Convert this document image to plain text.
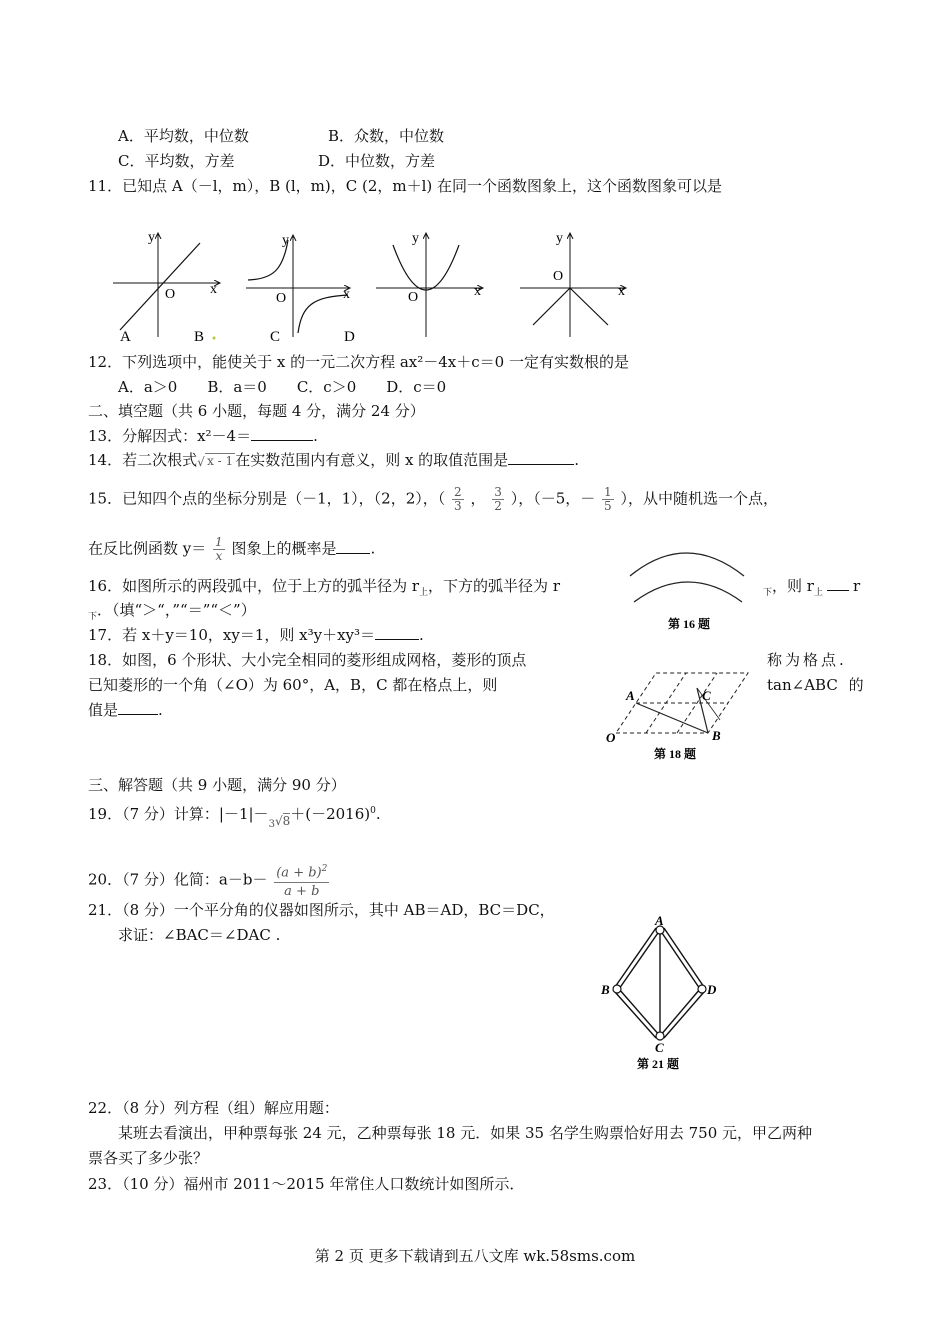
A．平均数，中位数	B．众数，中位数
C．平均数，方差	D．中位数，方差
11．已知点 A（－l，m），B (l，m)，C (2，m＋l) 在同一个函数图象上，这个函数图象可以是
y
x
O
A	B
y
x
O
C	D
y
x
O
y
x
O
12．下列选项中，能使关于 x 的一元二次方程 ax²－4x＋c＝0 一定有实数根的是
A．a＞0　　B．a＝0　　C．c＞0　　D．c＝0
二、填空题（共 6 小题，每题 4 分，满分 24 分）
13．分解因式：x²－4＝	.
14．若二次根式 √ x - 1 在实数范围内有意义，则 x 的取值范围是	.
15．已知四个点的坐标分别是（－1，1），（2，2），（ $\frac{2}{3}$ ， $\frac{3}{2}$ ），（－5，－ $\frac{1}{5}$ ），从中随机选一个点，
在反比例函数 $y= \frac{1}{x}$ 图象上的概率是 .
16．如图所示的两段弧中，位于上方的弧半径为 $r_上$，下方的弧半径为 r	$_下$，则 $r_上$ r
$_下$．（填“＞“，”“＝”“＜”）
第 16 题
17．若 x＋y＝10，xy＝1，则 x³y＋xy³＝	.
18．如图，6 个形状、大小完全相同的菱形组成网格，菱形的顶点	称为格点.
已知菱形的一个角（∠O）为 60°，A，B，C 都在格点上，则	tan∠ABC 的
值是	.
A	C
B
O
第 18 题
三、解答题（共 9 小题，满分 90 分）
19．（7 分）计算：$|-1|-_{3√8}+(-2016)^0$.
20．（7 分）化简：$a-b- \frac{(a + b)^2}{a + b}$
21．（8 分）一个平分角的仪器如图所示，其中 AB＝AD，BC＝DC，
求证：∠BAC＝∠DAC .
A
B	D
C
第 21 题
22．（8 分）列方程（组）解应用题：
某班去看演出，甲种票每张 24 元，乙种票每张 18 元．如果 35 名学生购票恰好用去 750 元，甲乙两种
票各买了多少张？
23．（10 分）福州市 2011～2015 年常住人口数统计如图所示．
第 2 页 更多下载请到五八文库 wk.58sms.com
